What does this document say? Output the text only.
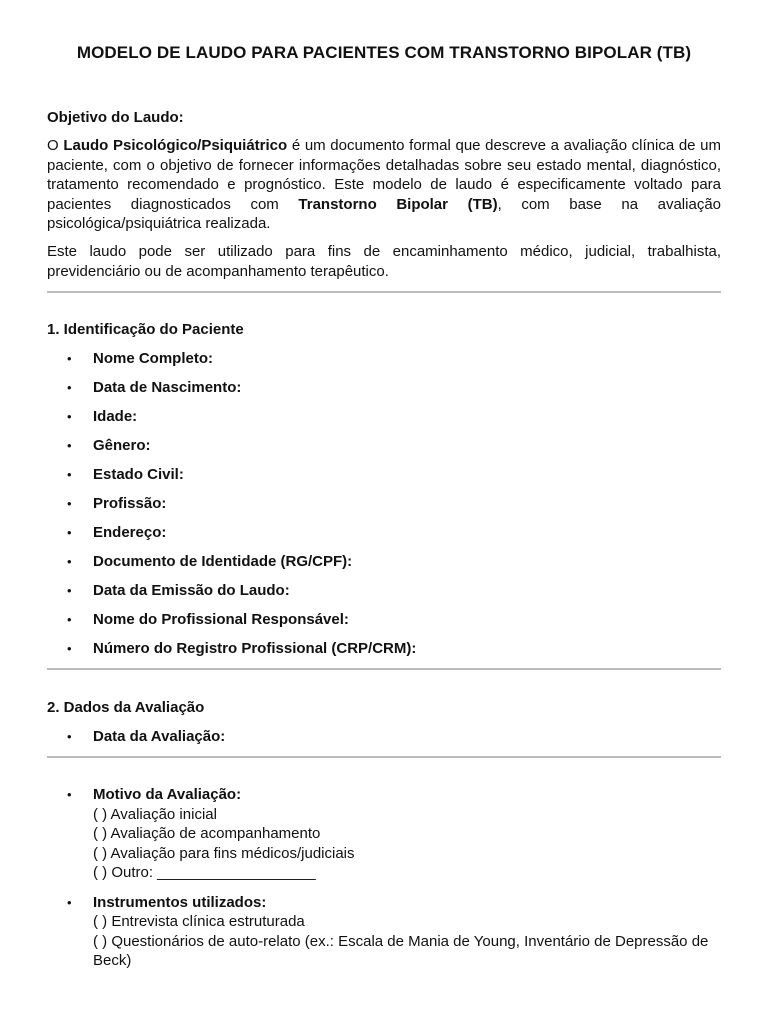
MODELO DE LAUDO PARA PACIENTES COM TRANSTORNO BIPOLAR (TB)
Objetivo do Laudo:
O Laudo Psicológico/Psiquiátrico é um documento formal que descreve a avaliação clínica de um paciente, com o objetivo de fornecer informações detalhadas sobre seu estado mental, diagnóstico, tratamento recomendado e prognóstico. Este modelo de laudo é especificamente voltado para pacientes diagnosticados com Transtorno Bipolar (TB), com base na avaliação psicológica/psiquiátrica realizada.
Este laudo pode ser utilizado para fins de encaminhamento médico, judicial, trabalhista, previdenciário ou de acompanhamento terapêutico.
1. Identificação do Paciente
• Nome Completo:
• Data de Nascimento:
• Idade:
• Gênero:
• Estado Civil:
• Profissão:
• Endereço:
• Documento de Identidade (RG/CPF):
• Data da Emissão do Laudo:
• Nome do Profissional Responsável:
• Número do Registro Profissional (CRP/CRM):
2. Dados da Avaliação
• Data da Avaliação:
• Motivo da Avaliação:
( ) Avaliação inicial
( ) Avaliação de acompanhamento
( ) Avaliação para fins médicos/judiciais
( ) Outro: ___________________
• Instrumentos utilizados:
( ) Entrevista clínica estruturada
( ) Questionários de auto-relato (ex.: Escala de Mania de Young, Inventário de Depressão de Beck)
